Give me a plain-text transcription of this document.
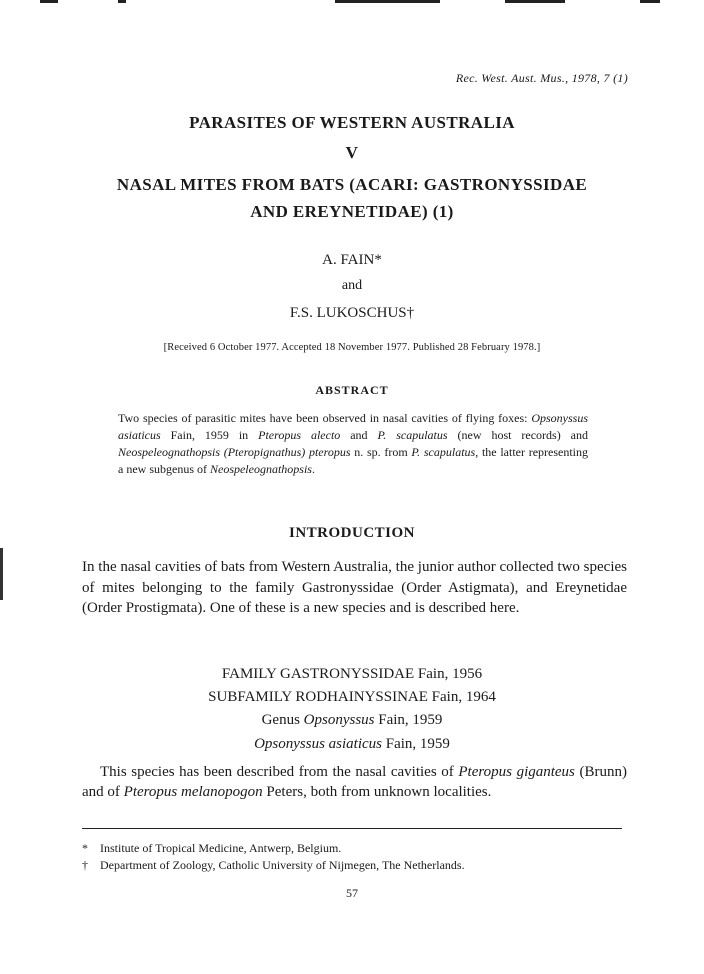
Rec. West. Aust. Mus., 1978, 7 (1)
PARASITES OF WESTERN AUSTRALIA
V
NASAL MITES FROM BATS (ACARI: GASTRONYSSIDAE
AND EREYNETIDAE) (1)
A. FAIN*
and
F.S. LUKOSCHUS†
[Received 6 October 1977. Accepted 18 November 1977. Published 28 February 1978.]
ABSTRACT
Two species of parasitic mites have been observed in nasal cavities of flying foxes: Opsonyssus asiaticus Fain, 1959 in Pteropus alecto and P. scapulatus (new host records) and Neospeleognathopsis (Pteropignathus) pteropus n. sp. from P. scapulatus, the latter representing a new subgenus of Neospeleognathopsis.
INTRODUCTION
In the nasal cavities of bats from Western Australia, the junior author collected two species of mites belonging to the family Gastronyssidae (Order Astigmata), and Ereynetidae (Order Prostigmata). One of these is a new species and is described here.
FAMILY GASTRONYSSIDAE Fain, 1956
SUBFAMILY RODHAINYSSINAE Fain, 1964
Genus Opsonyssus Fain, 1959
Opsonyssus asiaticus Fain, 1959
This species has been described from the nasal cavities of Pteropus giganteus (Brunn) and of Pteropus melanopogon Peters, both from unknown localities.
* Institute of Tropical Medicine, Antwerp, Belgium.
† Department of Zoology, Catholic University of Nijmegen, The Netherlands.
57
